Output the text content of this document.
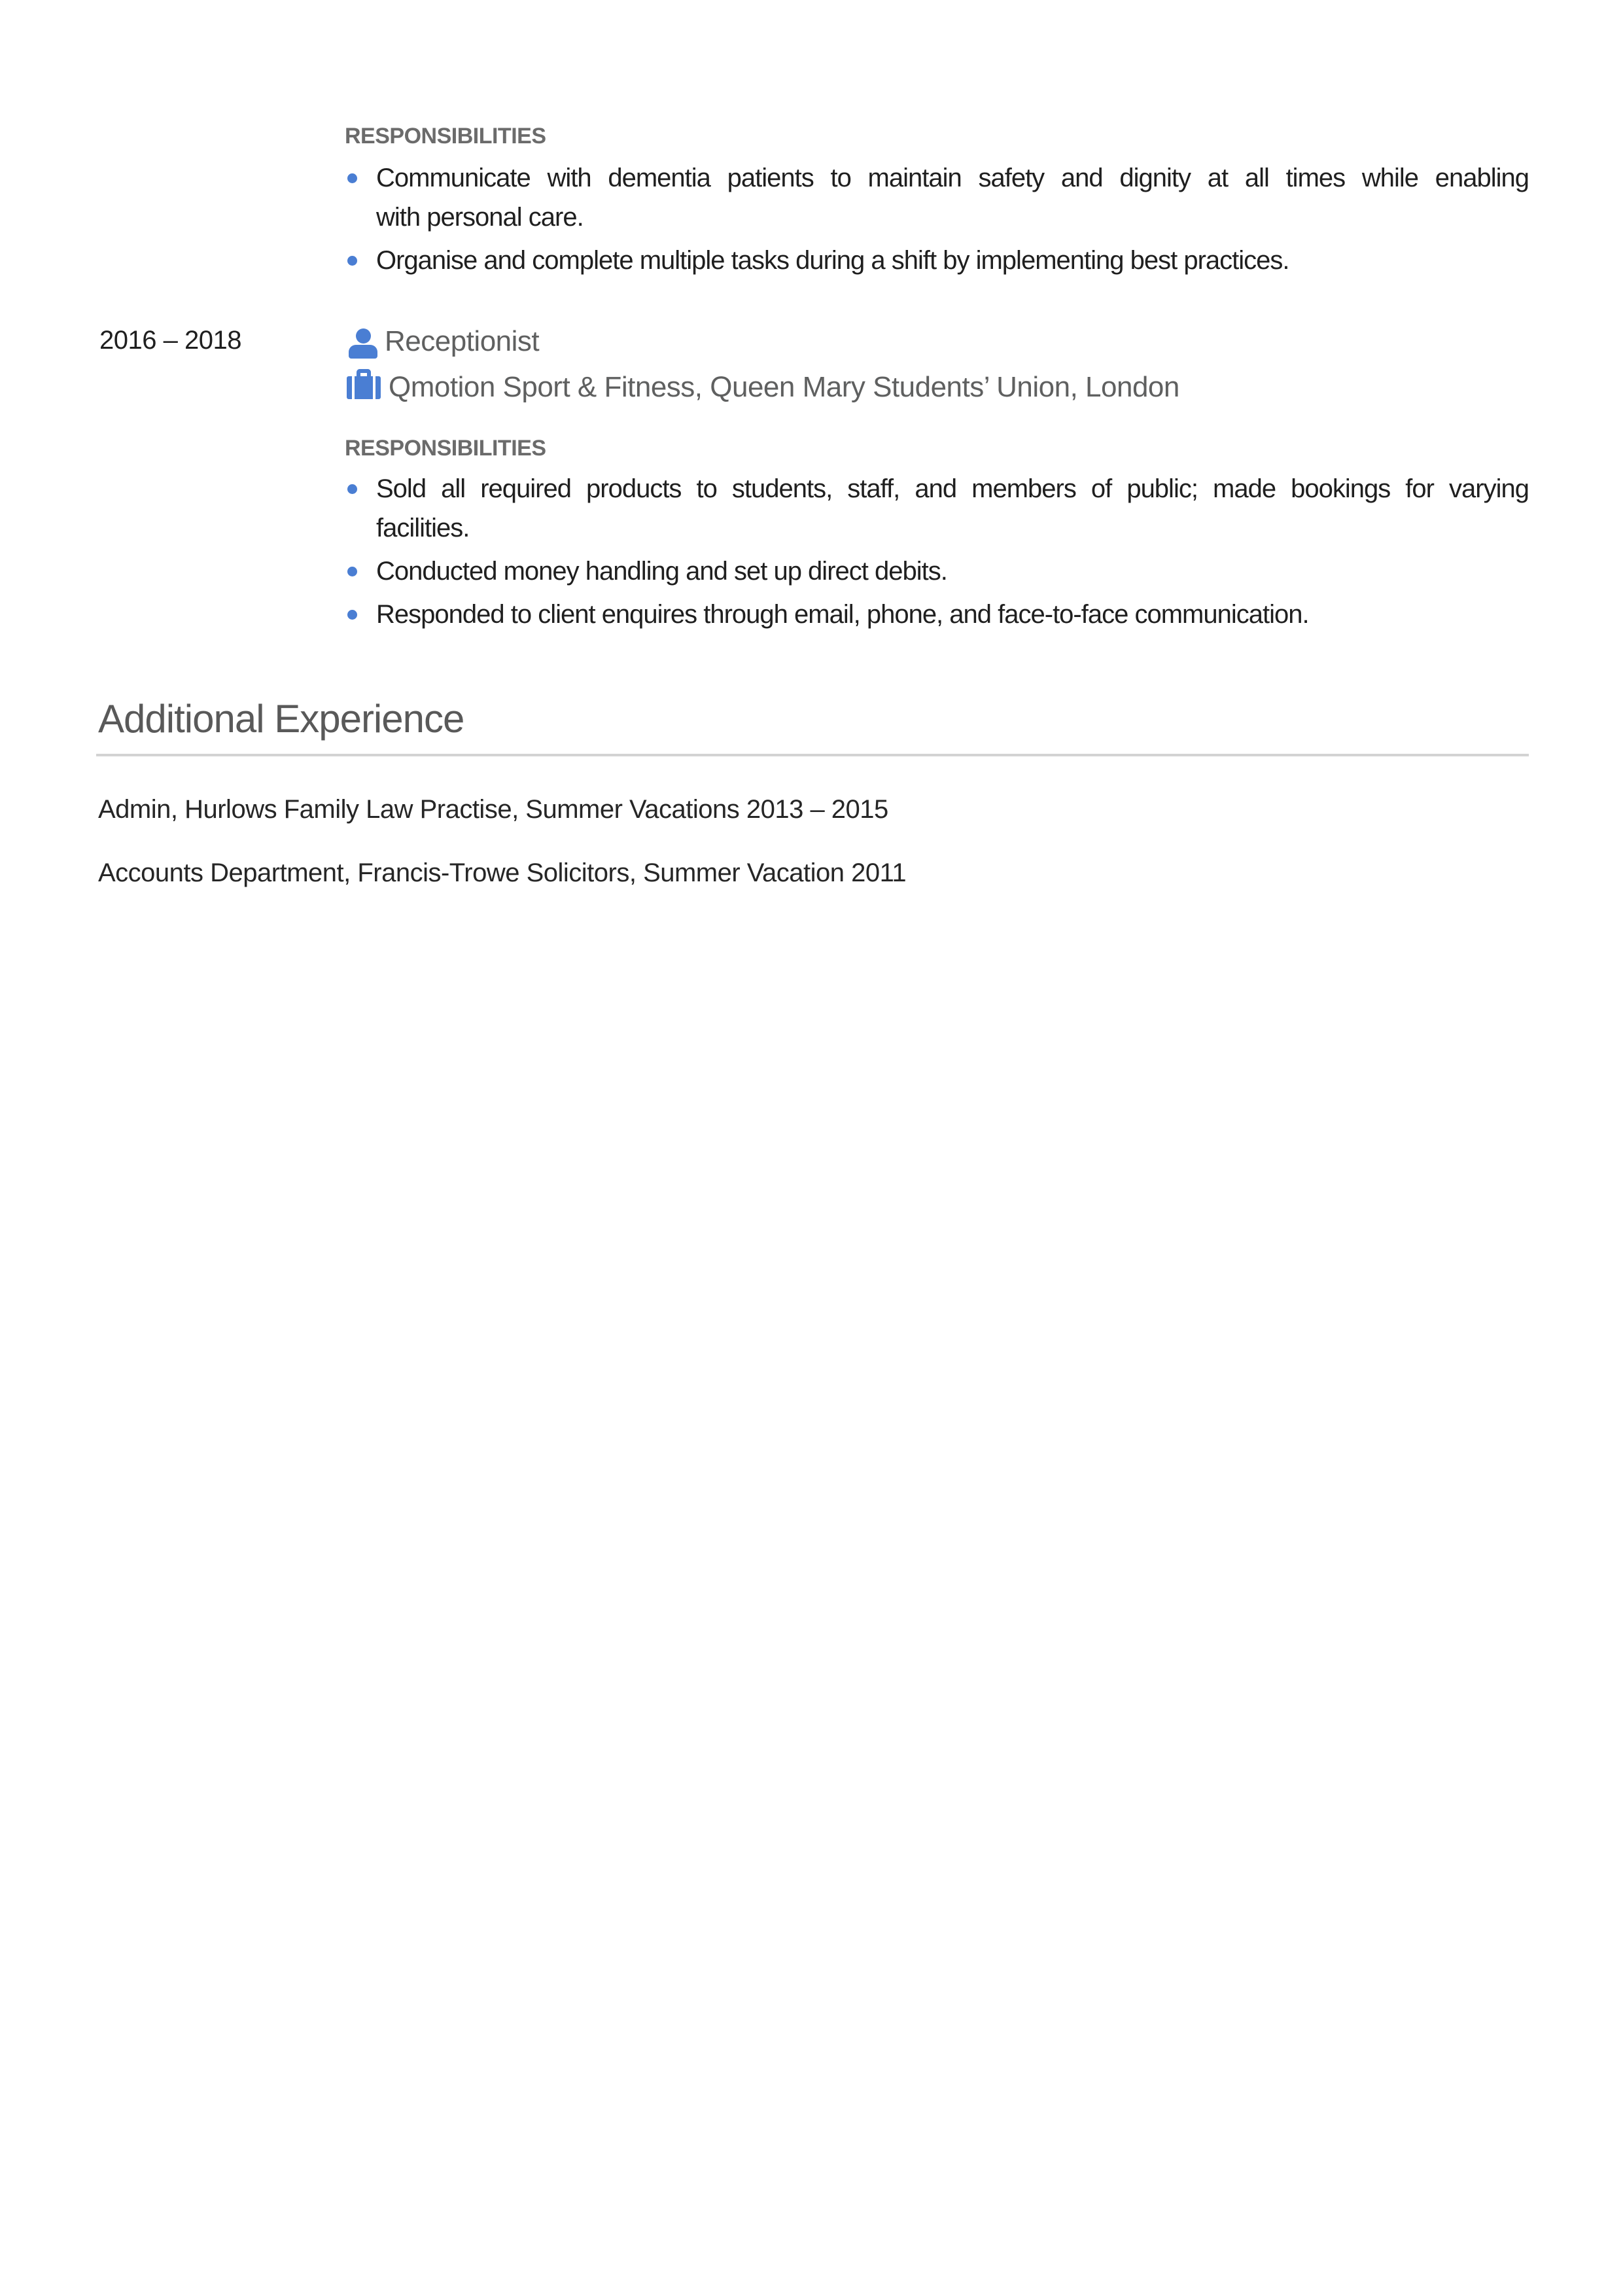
RESPONSIBILITIES
Communicate with dementia patients to maintain safety and dignity at all times while enabling
with personal care.
Organise and complete multiple tasks during a shift by implementing best practices.
2016 – 2018	Receptionist
Qmotion Sport & Fitness, Queen Mary Students’ Union, London
RESPONSIBILITIES
Sold all required products to students, staff, and members of public; made bookings for varying
facilities.
Conducted money handling and set up direct debits.
Responded to client enquires through email, phone, and face-to-face communication.
Additional Experience
Admin, Hurlows Family Law Practise, Summer Vacations 2013 – 2015
Accounts Department, Francis-Trowe Solicitors, Summer Vacation 2011
